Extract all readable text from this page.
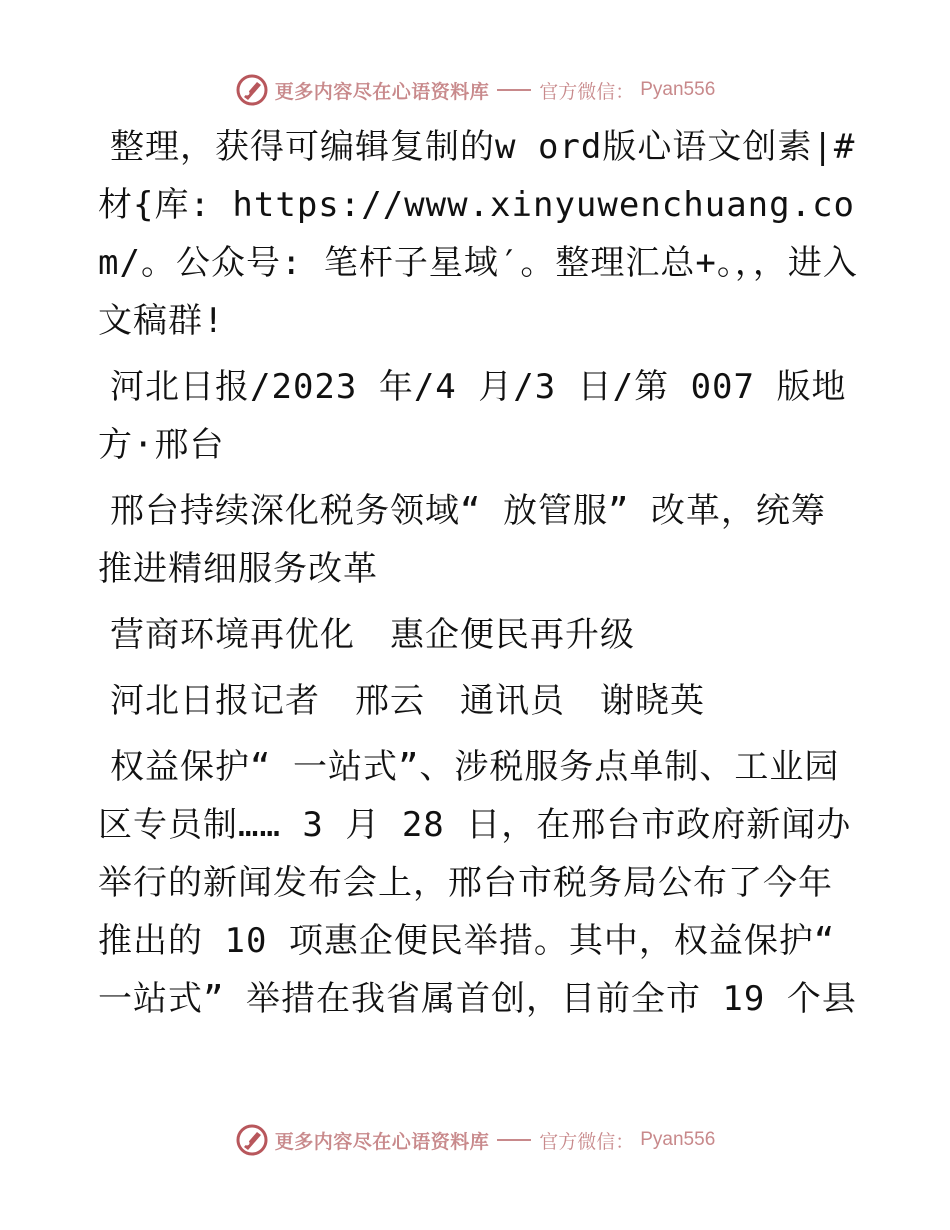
更多内容尽在心语资料库	官方微信： Pyan556

整理，获得可编辑复制的w ord版心语文创素|#材{库: https://www.xinyuwenchuang.com/。公众号: 笔杆子星域′。整理汇总+。，，进入文稿群!

河北日报/2023 年/4 月/3 日/第 007 版地方·邢台

邢台持续深化税务领域“ 放管服” 改革，统筹推进精细服务改革

营商环境再优化　惠企便民再升级

河北日报记者　邢云　通讯员　谢晓英

权益保护“ 一站式”、涉税服务点单制、工业园区专员制…… 3 月 28 日，在邢台市政府新闻办举行的新闻发布会上，邢台市税务局公布了今年推出的 10 项惠企便民举措。其中，权益保护“ 一站式” 举措在我省属首创，目前全市 19 个县

更多内容尽在心语资料库	官方微信： Pyan556
